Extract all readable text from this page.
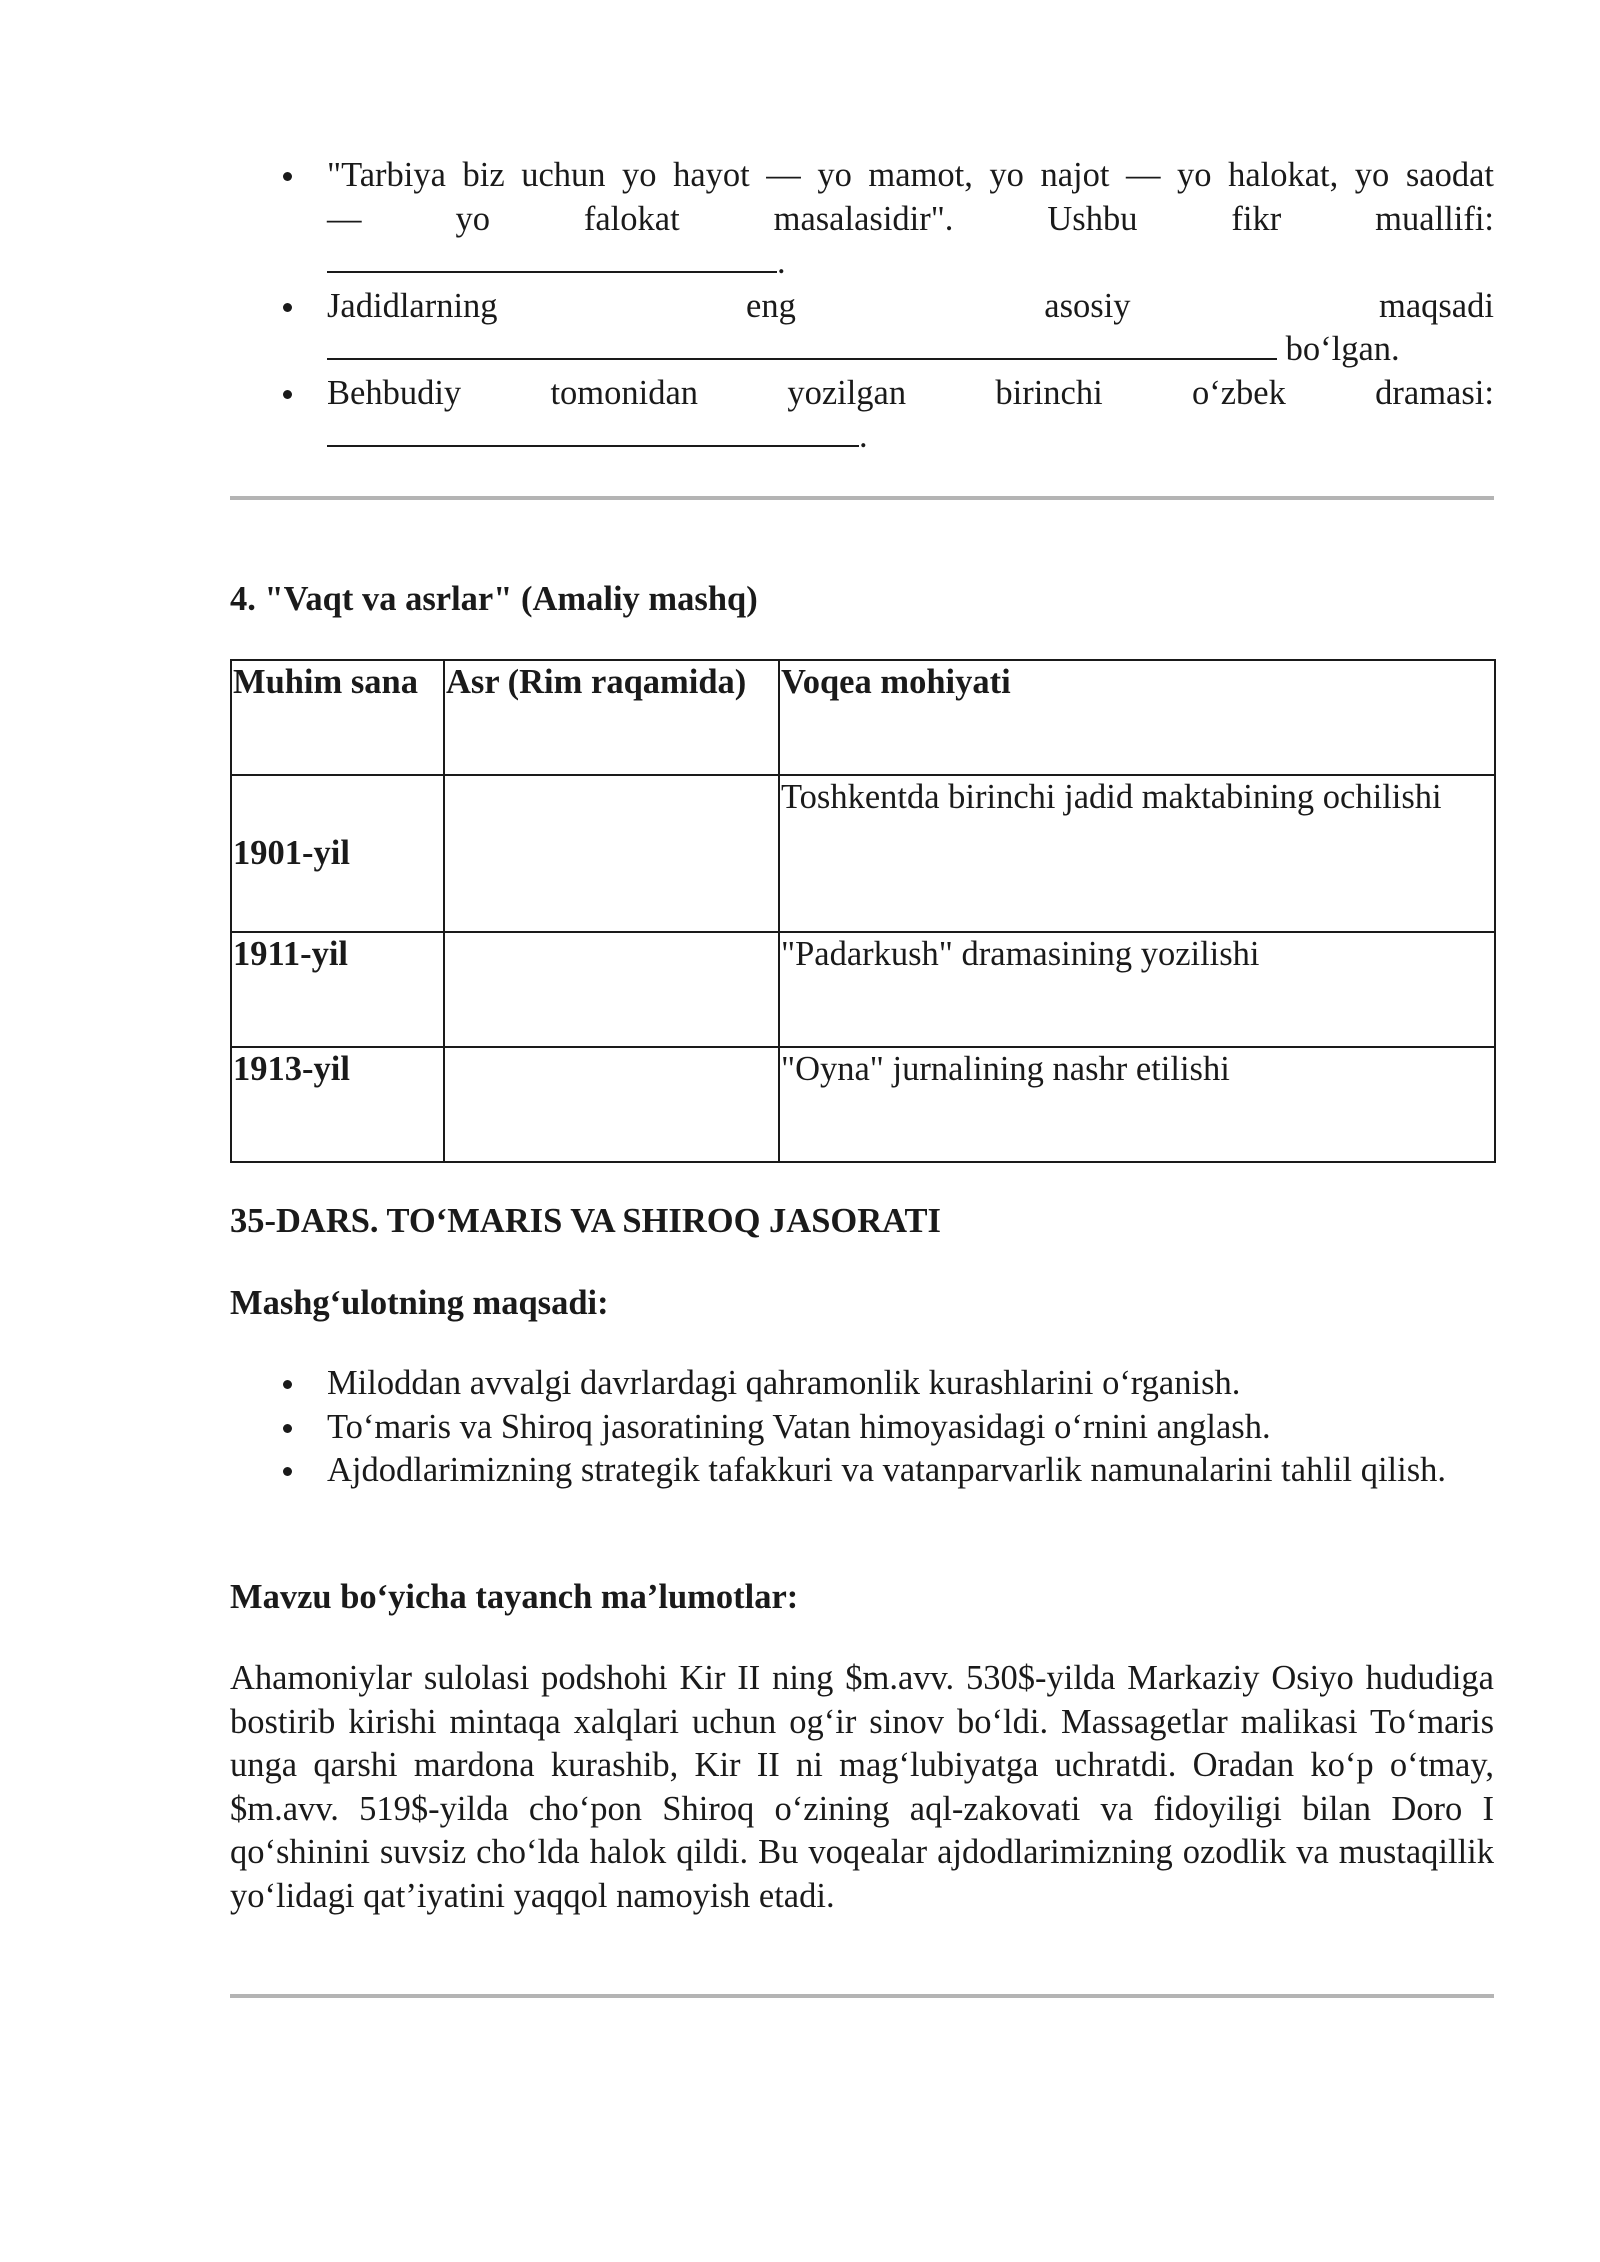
"Tarbiya biz uchun yo hayot — yo mamot, yo najot — yo halokat, yo saodat
—	yo	falokat	masalasidir".	Ushbu	fikr	muallifi:
.
Jadidlarning	eng	asosiy	maqsadi
bo‘lgan.
Behbudiy	tomonidan	yozilgan	birinchi	o‘zbek	dramasi:
.
4. "Vaqt va asrlar" (Amaliy mashq)
Muhim sana	Asr (Rim raqamida)	Voqea mohiyati
1901-yil		Toshkentda birinchi jadid maktabining ochilishi
1911-yil		"Padarkush" dramasining yozilishi
1913-yil		"Oyna" jurnalining nashr etilishi
35-DARS. TO‘MARIS VA SHIROQ JASORATI
Mashg‘ulotning maqsadi:
Miloddan avvalgi davrlardagi qahramonlik kurashlarini o‘rganish.
To‘maris va Shiroq jasoratining Vatan himoyasidagi o‘rnini anglash.
Ajdodlarimizning strategik tafakkuri va vatanparvarlik namunalarini tahlil qilish.
Mavzu bo‘yicha tayanch ma’lumotlar:

Ahamoniylar sulolasi podshohi Kir II ning $m.avv. 530$-yilda Markaziy Osiyo hududiga bostirib kirishi mintaqa xalqlari uchun og‘ir sinov bo‘ldi. Massagetlar malikasi To‘maris unga qarshi mardona kurashib, Kir II ni mag‘lubiyatga uchratdi. Oradan ko‘p o‘tmay, $m.avv. 519$-yilda cho‘pon Shiroq o‘zining aql-zakovati va fidoyiligi bilan Doro I qo‘shinini suvsiz cho‘lda halok qildi. Bu voqealar ajdodlarimizning ozodlik va mustaqillik yo‘lidagi qat’iyatini yaqqol namoyish etadi.
